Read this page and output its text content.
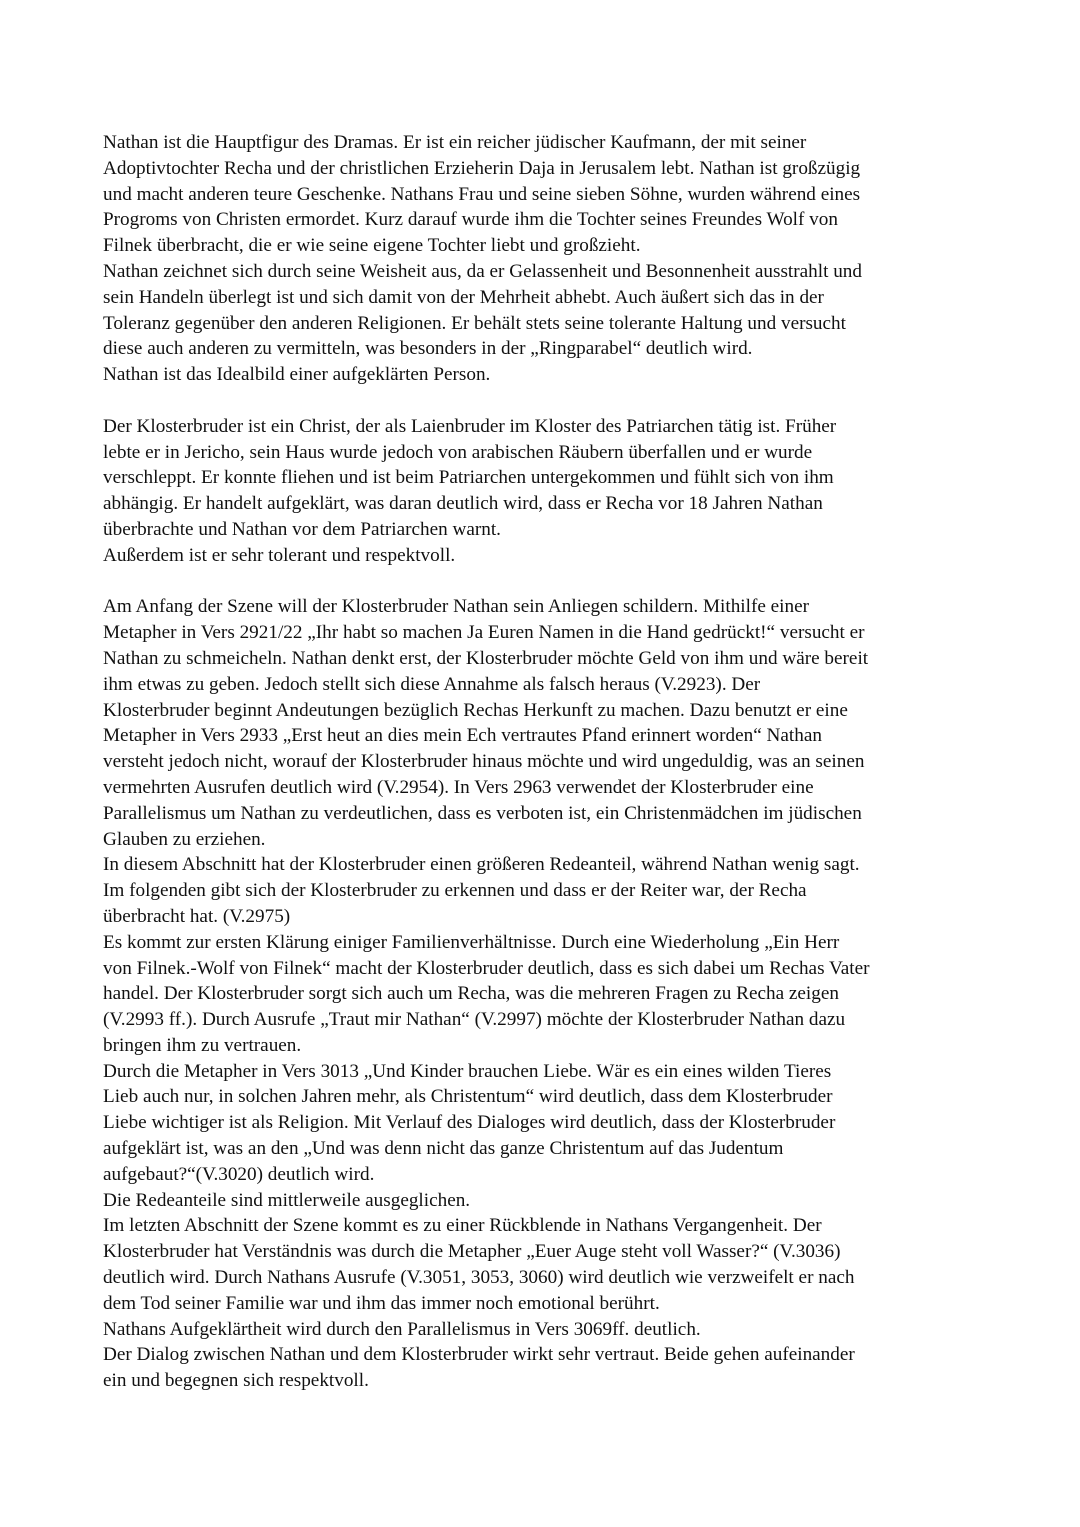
Nathan ist die Hauptfigur des Dramas. Er ist ein reicher jüdischer Kaufmann, der mit seiner
Adoptivtochter Recha und der christlichen Erzieherin Daja in Jerusalem lebt. Nathan ist großzügig
und macht anderen teure Geschenke. Nathans Frau und seine sieben Söhne, wurden während eines
Progroms von Christen ermordet. Kurz darauf wurde ihm die Tochter seines Freundes Wolf von
Filnek überbracht, die er wie seine eigene Tochter liebt und großzieht.
Nathan zeichnet sich durch seine Weisheit aus, da er Gelassenheit und Besonnenheit ausstrahlt und
sein Handeln überlegt ist und sich damit von der Mehrheit abhebt. Auch äußert sich das in der
Toleranz gegenüber den anderen Religionen. Er behält stets seine tolerante Haltung und versucht
diese auch anderen zu vermitteln, was besonders in der „Ringparabel“ deutlich wird.
Nathan ist das Idealbild einer aufgeklärten Person.
Der Klosterbruder ist ein Christ, der als Laienbruder im Kloster des Patriarchen tätig ist. Früher
lebte er in Jericho, sein Haus wurde jedoch von arabischen Räubern überfallen und er wurde
verschleppt. Er konnte fliehen und ist beim Patriarchen untergekommen und fühlt sich von ihm
abhängig. Er handelt aufgeklärt, was daran deutlich wird, dass er Recha vor 18 Jahren Nathan
überbrachte und Nathan vor dem Patriarchen warnt.
Außerdem ist er sehr tolerant und respektvoll.
Am Anfang der Szene will der Klosterbruder Nathan sein Anliegen schildern. Mithilfe einer
Metapher in Vers 2921/22 „Ihr habt so machen Ja Euren Namen in die Hand gedrückt!“ versucht er
Nathan zu schmeicheln. Nathan denkt erst, der Klosterbruder möchte Geld von ihm und wäre bereit
ihm etwas zu geben. Jedoch stellt sich diese Annahme als falsch heraus (V.2923). Der
Klosterbruder beginnt Andeutungen bezüglich Rechas Herkunft zu machen. Dazu benutzt er eine
Metapher in Vers 2933 „Erst heut an dies mein Ech vertrautes Pfand erinnert worden“ Nathan
versteht jedoch nicht, worauf der Klosterbruder hinaus möchte und wird ungeduldig, was an seinen
vermehrten Ausrufen deutlich wird (V.2954). In Vers 2963 verwendet der Klosterbruder eine
Parallelismus um Nathan zu verdeutlichen, dass es verboten ist, ein Christenmädchen im jüdischen
Glauben zu erziehen.
In diesem Abschnitt hat der Klosterbruder einen größeren Redeanteil, während Nathan wenig sagt.
Im folgenden gibt sich der Klosterbruder zu erkennen und dass er der Reiter war, der Recha
überbracht hat. (V.2975)
Es kommt zur ersten Klärung einiger Familienverhältnisse. Durch eine Wiederholung „Ein Herr
von Filnek.-Wolf von Filnek“ macht der Klosterbruder deutlich, dass es sich dabei um Rechas Vater
handel. Der Klosterbruder sorgt sich auch um Recha, was die mehreren Fragen zu Recha zeigen
(V.2993 ff.). Durch Ausrufe „Traut mir Nathan“ (V.2997) möchte der Klosterbruder Nathan dazu
bringen ihm zu vertrauen.
Durch die Metapher in Vers 3013 „Und Kinder brauchen Liebe. Wär es ein eines wilden Tieres
Lieb auch nur, in solchen Jahren mehr, als Christentum“ wird deutlich, dass dem Klosterbruder
Liebe wichtiger ist als Religion. Mit Verlauf des Dialoges wird deutlich, dass der Klosterbruder
aufgeklärt ist, was an den „Und was denn nicht das ganze Christentum auf das Judentum
aufgebaut?“(V.3020) deutlich wird.
Die Redeanteile sind mittlerweile ausgeglichen.
Im letzten Abschnitt der Szene kommt es zu einer Rückblende in Nathans Vergangenheit. Der
Klosterbruder hat Verständnis was durch die Metapher „Euer Auge steht voll Wasser?“ (V.3036)
deutlich wird. Durch Nathans Ausrufe (V.3051, 3053, 3060) wird deutlich wie verzweifelt er nach
dem Tod seiner Familie war und ihm das immer noch emotional berührt.
Nathans Aufgeklärtheit wird durch den Parallelismus in Vers 3069ff. deutlich.
Der Dialog zwischen Nathan und dem Klosterbruder wirkt sehr vertraut. Beide gehen aufeinander
ein und begegnen sich respektvoll.
